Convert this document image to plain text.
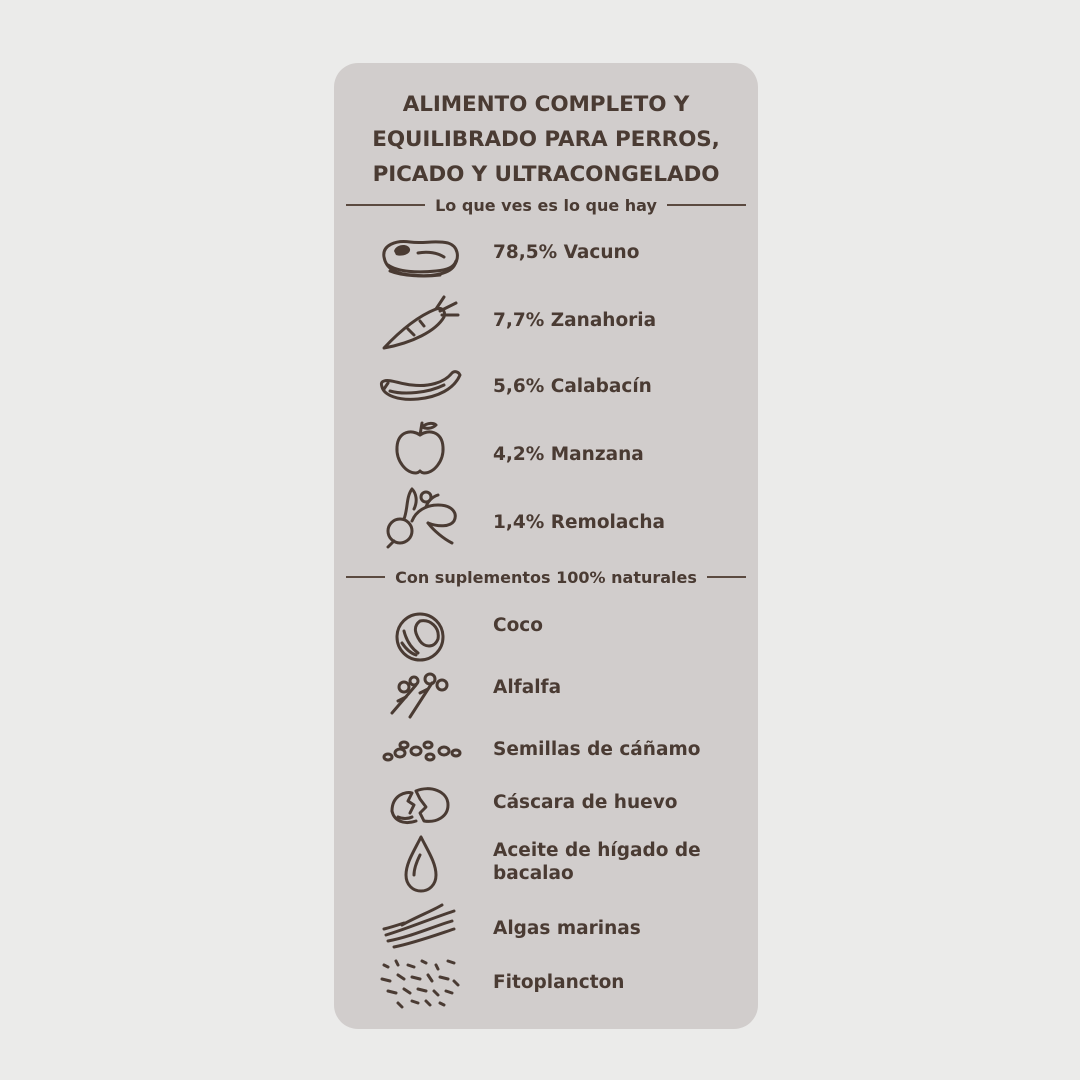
ALIMENTO COMPLETO Y
EQUILIBRADO PARA PERROS,
PICADO Y ULTRACONGELADO
Lo que ves es lo que hay
78,5% Vacuno
7,7% Zanahoria
5,6% Calabacín
4,2% Manzana
1,4% Remolacha
Con suplementos 100% naturales
Coco
Alfalfa
Semillas de cáñamo
Cáscara de huevo
Aceite de hígado de bacalao
Algas marinas
Fitoplancton
